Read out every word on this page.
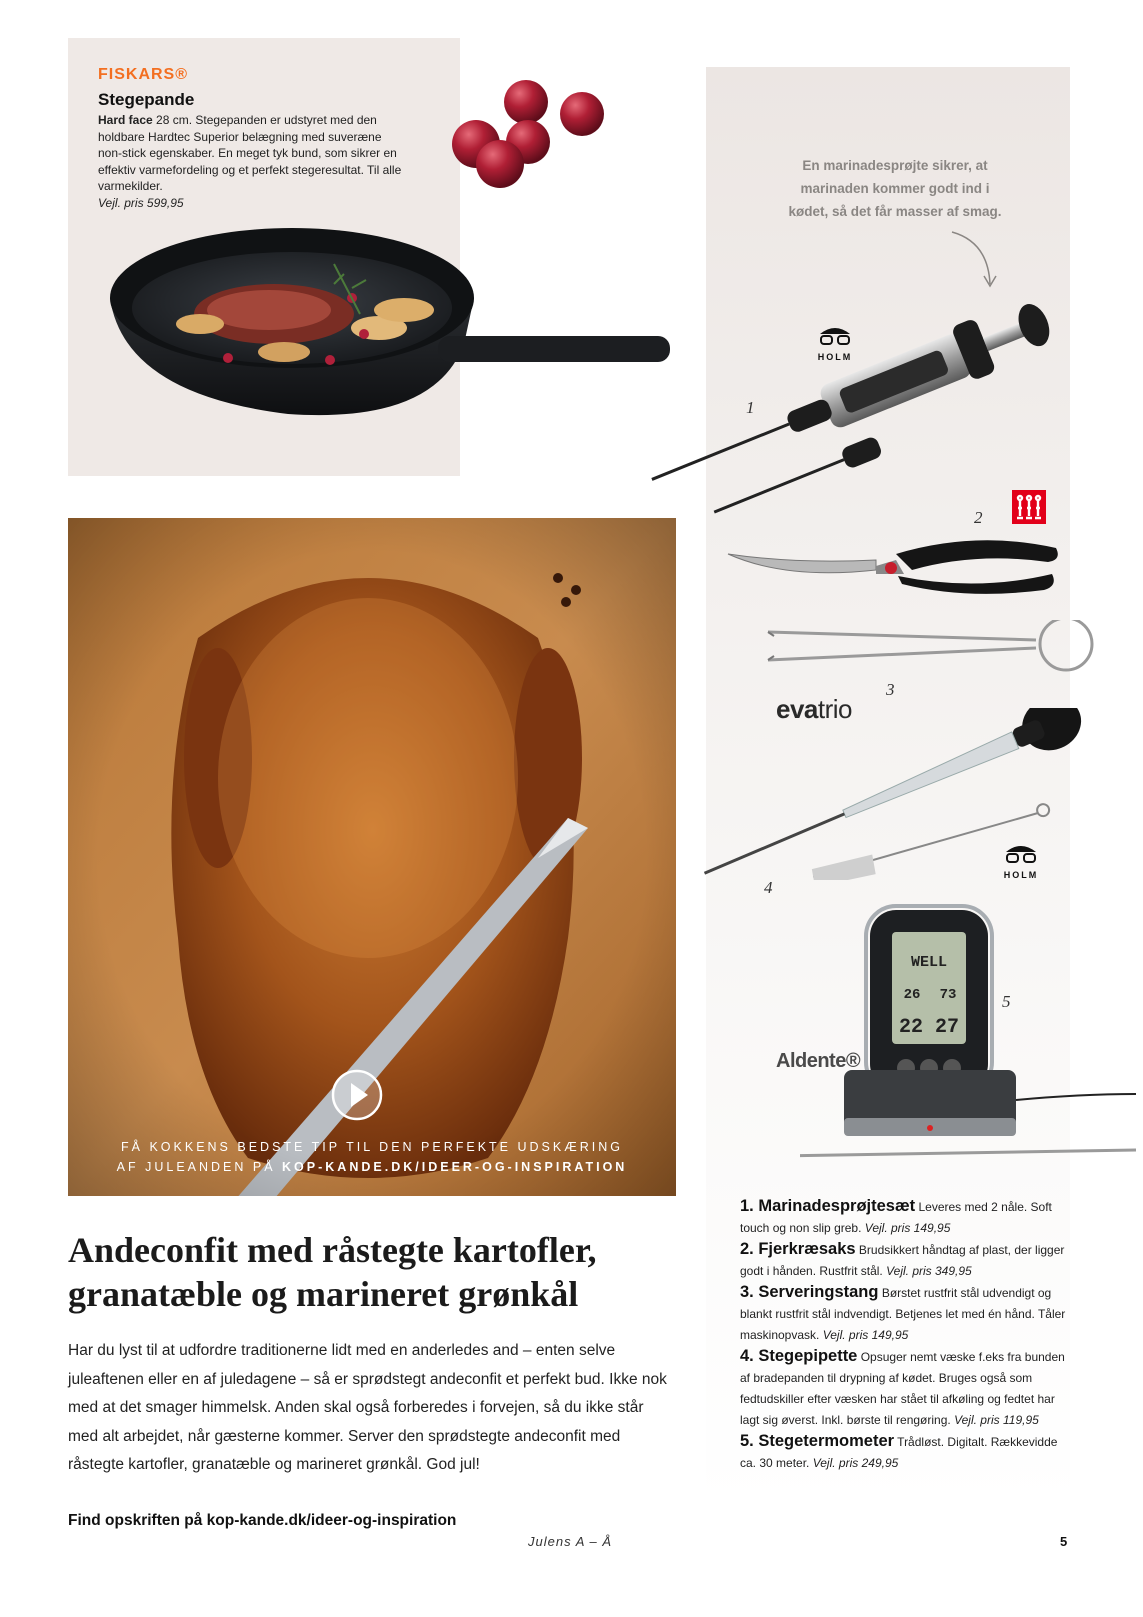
FISKARS®
Stegepande
Hard face 28 cm. Stegepanden er udstyret med den holdbare Hardtec Superior belægning med suveræne non-stick egenskaber. En meget tyk bund, som sikrer en effektiv varmefordeling og et perfekt stegeresultat. Til alle varmekilder.
Vejl. pris 599,95
En marinadesprøjte sikrer, at marinaden kommer godt ind i kødet, så det får masser af smag.
HOLM
1
2
3
evatrio
HOLM
4
WELL
26 73
22 27
5
Aldente®
FÅ KOKKENS BEDSTE TIP TIL DEN PERFEKTE UDSKÆRING
AF JULEANDEN PÅ KOP-KANDE.DK/IDEER-OG-INSPIRATION
Andeconfit med råstegte kartofler, granatæble og marineret grønkål

Har du lyst til at udfordre traditionerne lidt med en anderledes and – enten selve juleaftenen eller en af juledagene – så er sprødstegt andeconfit et perfekt bud. Ikke nok med at det smager himmelsk. Anden skal også forberedes i forvejen, så du ikke står med alt arbejdet, når gæsterne kommer. Server den sprødstegte andeconfit med råstegte kartofler, granatæble og marineret grønkål. God jul!

Find opskriften på kop-kande.dk/ideer-og-inspiration
1. Marinadesprøjtesæt Leveres med 2 nåle. Soft touch og non slip greb. Vejl. pris 149,95
2. Fjerkræsaks Brudsikkert håndtag af plast, der ligger godt i hånden. Rustfrit stål. Vejl. pris 349,95
3. Serveringstang Børstet rustfrit stål udvendigt og blankt rustfrit stål indvendigt. Betjenes let med én hånd. Tåler maskinopvask. Vejl. pris 149,95
4. Stegepipette Opsuger nemt væske f.eks fra bunden af bradepanden til drypning af kødet. Bruges også som fedtudskiller efter væsken har stået til afkøling og fedtet har lagt sig øverst. Inkl. børste til rengøring. Vejl. pris 119,95
5. Stegetermometer Trådløst. Digitalt. Rækkevidde ca. 30 meter. Vejl. pris 249,95
Julens A – Å	5
